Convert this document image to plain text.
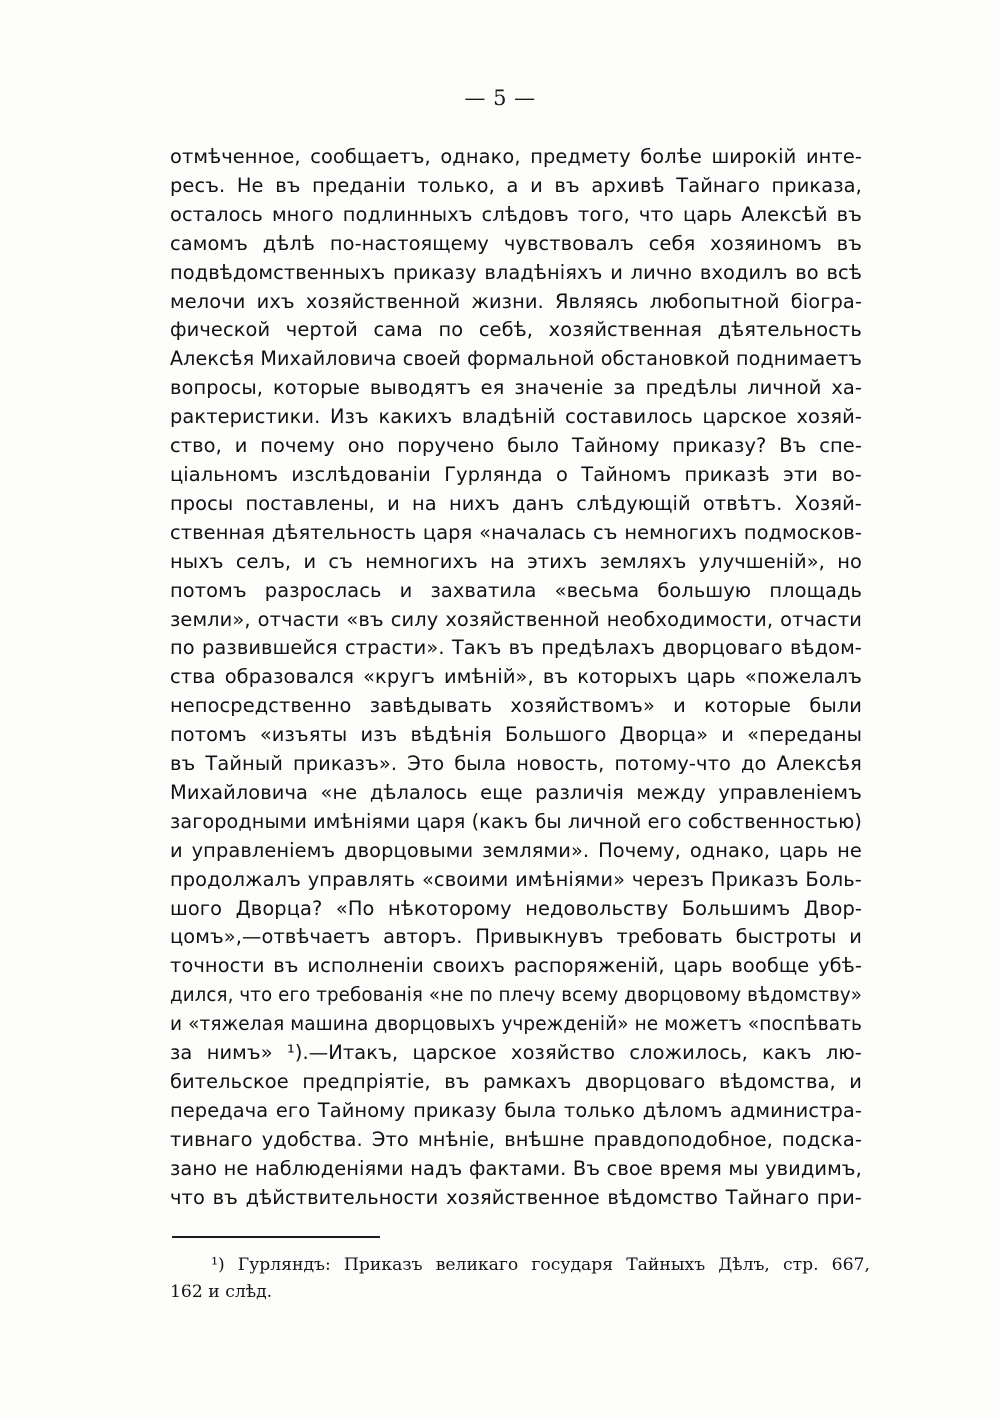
— 5 —
отмѣченное, сообщаетъ, однако, предмету болѣе широкій инте-
ресъ. Не въ преданіи только, а и въ архивѣ Тайнаго приказа,
осталось много подлинныхъ слѣдовъ того, что царь Алексѣй въ
самомъ дѣлѣ по-настоящему чувствовалъ себя хозяиномъ въ
подвѣдомственныхъ приказу владѣніяхъ и лично входилъ во всѣ
мелочи ихъ хозяйственной жизни. Являясь любопытной біогра-
фической чертой сама по себѣ, хозяйственная дѣятельность
Алексѣя Михайловича своей формальной обстановкой поднимаетъ
вопросы, которые выводятъ ея значеніе за предѣлы личной ха-
рактеристики. Изъ какихъ владѣній составилось царское хозяй-
ство, и почему оно поручено было Тайному приказу? Въ спе-
ціальномъ изслѣдованіи Гурлянда о Тайномъ приказѣ эти во-
просы поставлены, и на нихъ данъ слѣдующій отвѣтъ. Хозяй-
ственная дѣятельность царя «началась съ немногихъ подмосков-
ныхъ селъ, и съ немногихъ на этихъ земляхъ улучшеній», но
потомъ разрослась и захватила «весьма большую площадь
земли», отчасти «въ силу хозяйственной необходимости, отчасти
по развившейся страсти». Такъ въ предѣлахъ дворцоваго вѣдом-
ства образовался «кругъ имѣній», въ которыхъ царь «пожелалъ
непосредственно завѣдывать хозяйствомъ» и которые были
потомъ «изъяты изъ вѣдѣнія Большого Дворца» и «переданы
въ Тайный приказъ». Это была новость, потому-что до Алексѣя
Михайловича «не дѣлалось еще различія между управленіемъ
загородными имѣніями царя (какъ бы личной его собственностью)
и управленіемъ дворцовыми землями». Почему, однако, царь не
продолжалъ управлять «своими имѣніями» черезъ Приказъ Боль-
шого Дворца? «По нѣкоторому недовольству Большимъ Двор-
цомъ»,—отвѣчаетъ авторъ. Привыкнувъ требовать быстроты и
точности въ исполненіи своихъ распоряженій, царь вообще убѣ-
дился, что его требованія «не по плечу всему дворцовому вѣдомству»
и «тяжелая машина дворцовыхъ учрежденій» не можетъ «поспѣвать
за нимъ» ¹).—Итакъ, царское хозяйство сложилось, какъ лю-
бительское предпріятіе, въ рамкахъ дворцоваго вѣдомства, и
передача его Тайному приказу была только дѣломъ администра-
тивнаго удобства. Это мнѣніе, внѣшне правдоподобное, подска-
зано не наблюденіями надъ фактами. Въ свое время мы увидимъ,
что въ дѣйствительности хозяйственное вѣдомство Тайнаго при-
¹) Гурляндъ: Приказъ великаго государя Тайныхъ Дѣлъ, стр. 667,
162 и слѣд.
